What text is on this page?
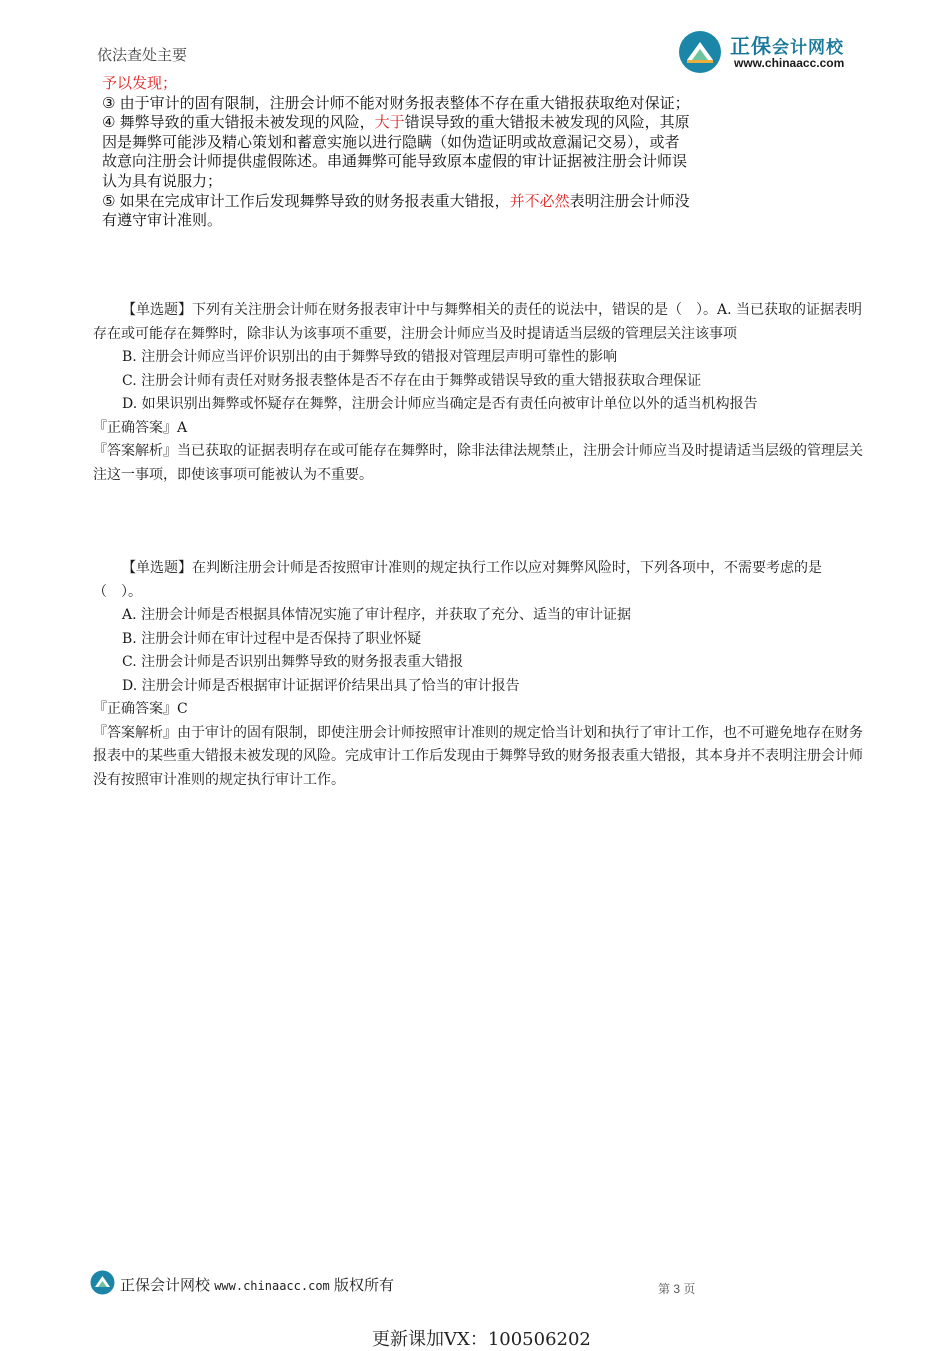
正保会计网校
www.chinaacc.com
依法查处主要

予以发现；

③ 由于审计的固有限制，注册会计师不能对财务报表整体不存在重大错报获取绝对保证；

④ 舞弊导致的重大错报未被发现的风险，大于错误导致的重大错报未被发现的风险，其原因是舞弊可能涉及精心策划和蓄意实施以进行隐瞒（如伪造证明或故意漏记交易），或者故意向注册会计师提供虚假陈述。串通舞弊可能导致原本虚假的审计证据被注册会计师误认为具有说服力；

⑤ 如果在完成审计工作后发现舞弊导致的财务报表重大错报，并不必然表明注册会计师没有遵守审计准则。

【单选题】下列有关注册会计师在财务报表审计中与舞弊相关的责任的说法中，错误的是（　）。A. 当已获取的证据表明存在或可能存在舞弊时，除非认为该事项不重要，注册会计师应当及时提请适当层级的管理层关注该事项

B. 注册会计师应当评价识别出的由于舞弊导致的错报对管理层声明可靠性的影响

C. 注册会计师有责任对财务报表整体是否不存在由于舞弊或错误导致的重大错报获取合理保证

D. 如果识别出舞弊或怀疑存在舞弊，注册会计师应当确定是否有责任向被审计单位以外的适当机构报告

『正确答案』A

『答案解析』当已获取的证据表明存在或可能存在舞弊时，除非法律法规禁止，注册会计师应当及时提请适当层级的管理层关注这一事项，即使该事项可能被认为不重要。

【单选题】在判断注册会计师是否按照审计准则的规定执行工作以应对舞弊风险时，下列各项中，不需要考虑的是（　）。

A. 注册会计师是否根据具体情况实施了审计程序，并获取了充分、适当的审计证据

B. 注册会计师在审计过程中是否保持了职业怀疑

C. 注册会计师是否识别出舞弊导致的财务报表重大错报

D. 注册会计师是否根据审计证据评价结果出具了恰当的审计报告

『正确答案』C

『答案解析』由于审计的固有限制，即使注册会计师按照审计准则的规定恰当计划和执行了审计工作，也不可避免地存在财务报表中的某些重大错报未被发现的风险。完成审计工作后发现由于舞弊导致的财务报表重大错报，其本身并不表明注册会计师没有按照审计准则的规定执行审计工作。

正保会计网校 www.chinaacc.com 版权所有	第 3 页
更新课加VX：100506202
